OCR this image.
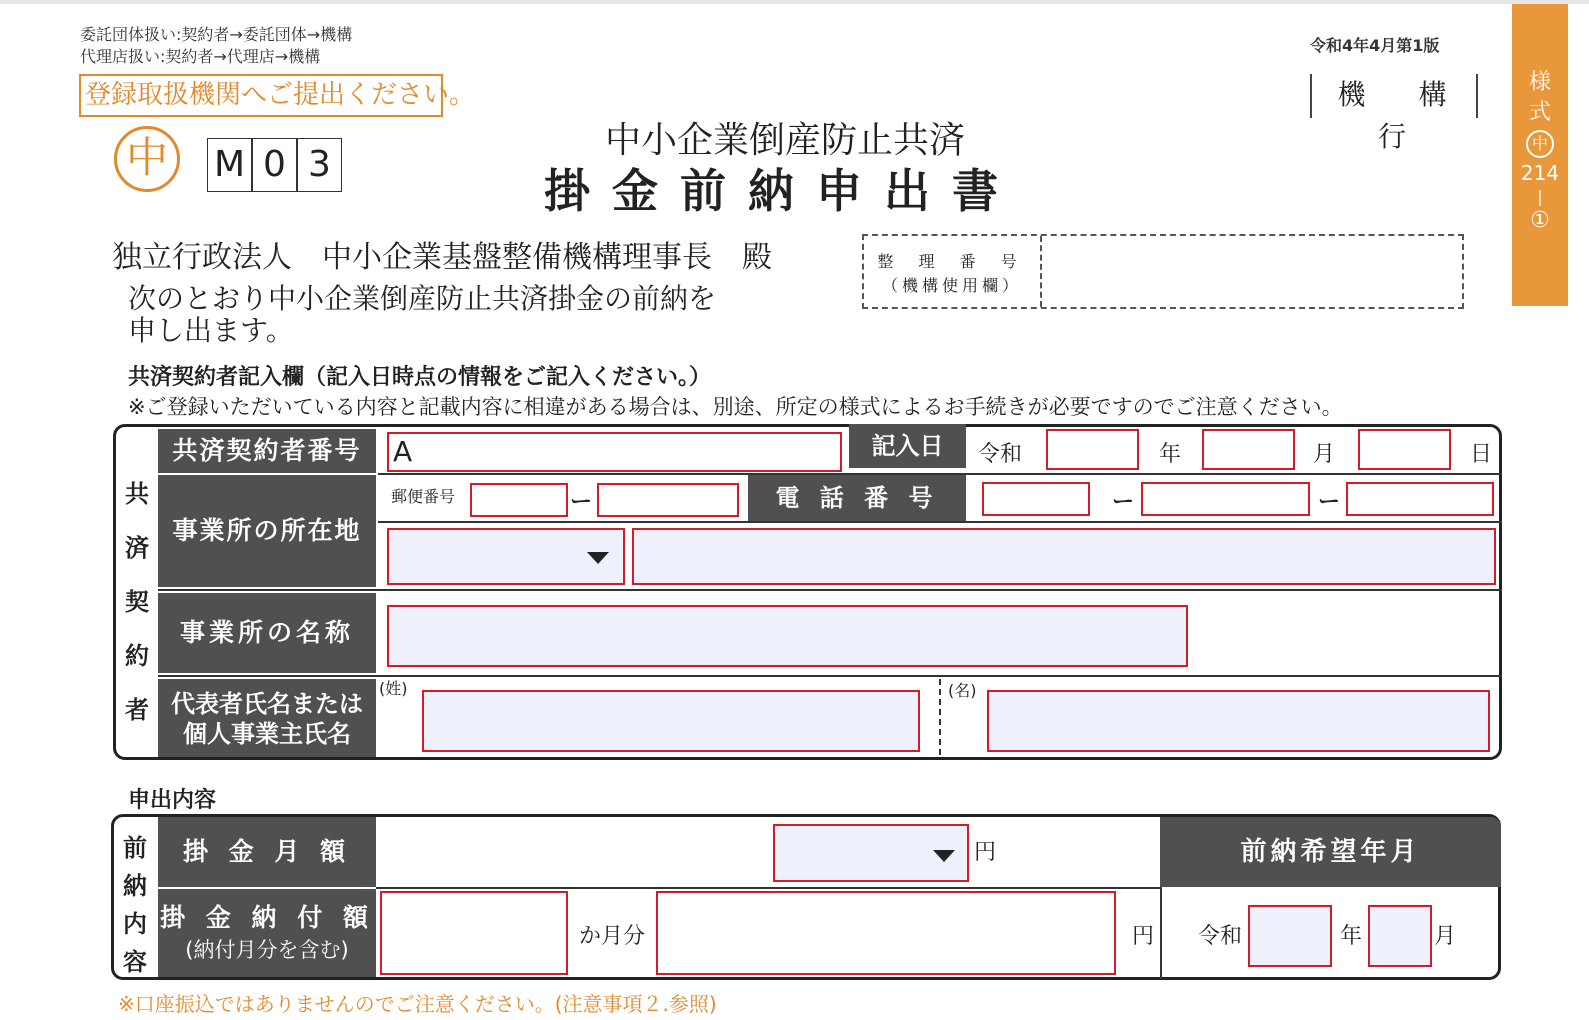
委託団体扱い:契約者→委託団体→機構
代理店扱い:契約者→代理店→機構
登録取扱機関へご提出ください。
令和4年4月第1版
機 構 行
様
式
中
214
|
①
中	M 0 3
中小企業倒産防止共済
掛金前納申出書
独立行政法人　中小企業基盤整備機構理事長　殿
次のとおり中小企業倒産防止共済掛金の前納を
申し出ます。
整 理 番 号
（機構使用欄）
共済契約者記入欄（記入日時点の情報をご記入ください。）
※ご登録いただいている内容と記載内容に相違がある場合は、別途、所定の様式によるお手続きが必要ですのでご注意ください。
共
済
契
約
者
共済契約者番号	A	記入日	令和	年	月	日
事業所の所在地
郵便番号	ー	電 話 番 号	ー	ー
事業所の名称
代表者氏名または
個人事業主氏名
(姓)	(名)
申出内容
前
納
内
容
掛 金 月 額	円	前納希望年月
掛 金 納 付 額
(納付月分を含む)
か月分	円 令和	年	月
※口座振込ではありませんのでご注意ください。(注意事項２.参照)
